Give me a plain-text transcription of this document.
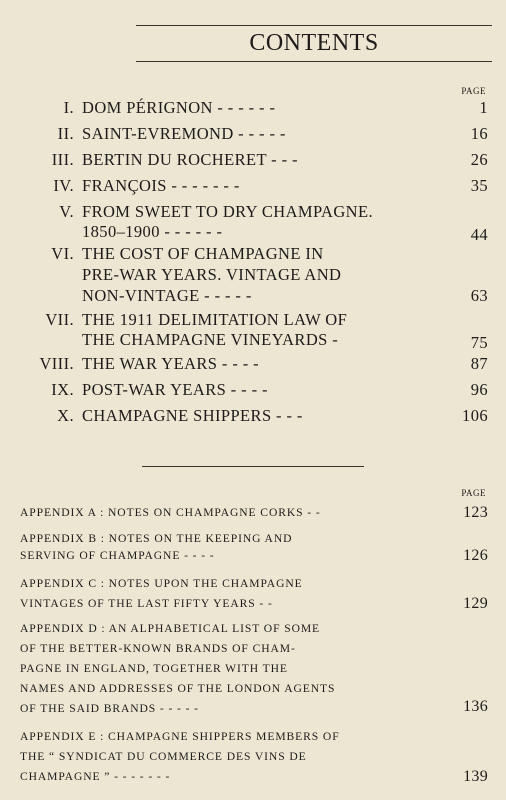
CONTENTS
PAGE
I. DOM PÉRIGNON - - - - - -	1
II. SAINT-EVREMOND - - - - -	16
III. BERTIN DU ROCHERET - - -	26
IV. FRANÇOIS - - - - - - -	35
V. FROM SWEET TO DRY CHAMPAGNE.
1850–1900 - - - - - -	44
VI. THE COST OF CHAMPAGNE IN
PRE-WAR YEARS. VINTAGE AND
NON-VINTAGE - - - - -	63
VII. THE 1911 DELIMITATION LAW OF
THE CHAMPAGNE VINEYARDS -	75
VIII. THE WAR YEARS - - - -	87
IX. POST-WAR YEARS - - - -	96
X. CHAMPAGNE SHIPPERS - - -	106
PAGE
APPENDIX A : NOTES ON CHAMPAGNE CORKS - -	123
APPENDIX B : NOTES ON THE KEEPING AND
SERVING OF CHAMPAGNE - - - -	126
APPENDIX C : NOTES UPON THE CHAMPAGNE
VINTAGES OF THE LAST FIFTY YEARS - -	129
APPENDIX D : AN ALPHABETICAL LIST OF SOME
OF THE BETTER-KNOWN BRANDS OF CHAM-
PAGNE IN ENGLAND, TOGETHER WITH THE
NAMES AND ADDRESSES OF THE LONDON AGENTS
OF THE SAID BRANDS - - - - -	136
APPENDIX E : CHAMPAGNE SHIPPERS MEMBERS OF
THE “ SYNDICAT DU COMMERCE DES VINS DE
CHAMPAGNE ” - - - - - - -	139
